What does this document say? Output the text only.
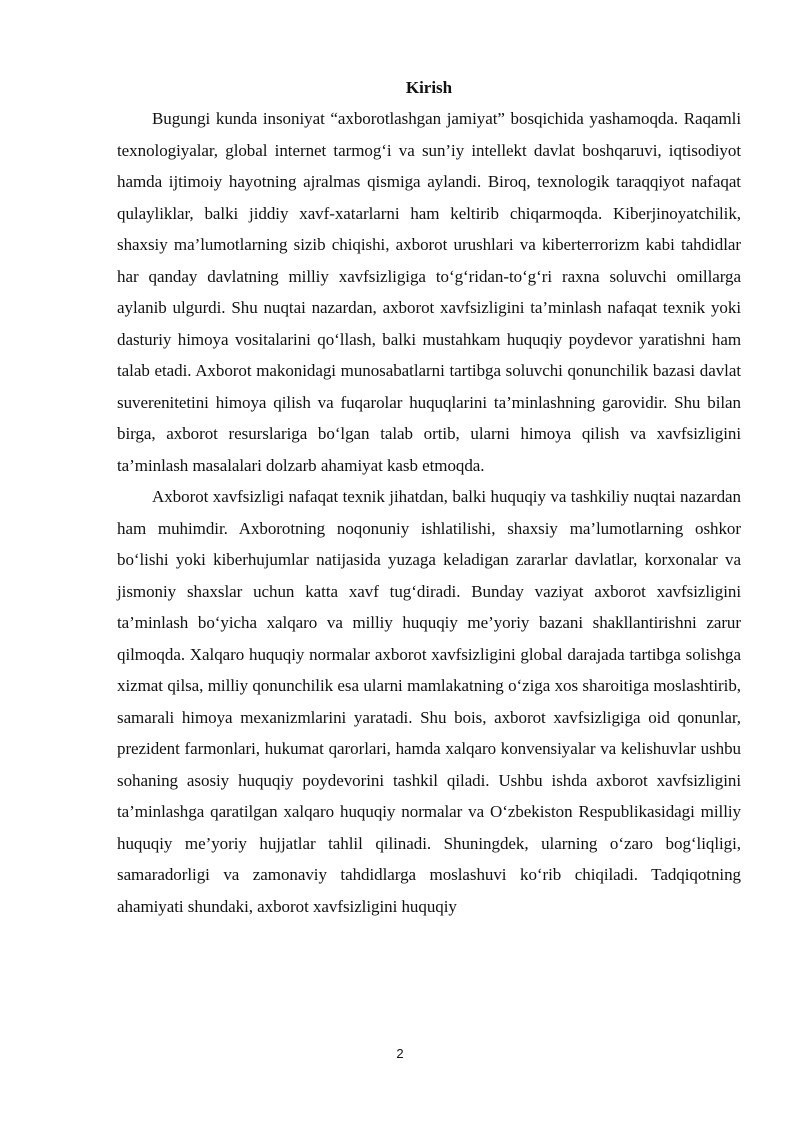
Kirish

Bugungi kunda insoniyat “axborotlashgan jamiyat” bosqichida yashamoqda. Raqamli texnologiyalar, global internet tarmog‘i va sun’iy intellekt davlat boshqaruvi, iqtisodiyot hamda ijtimoiy hayotning ajralmas qismiga aylandi. Biroq, texnologik taraqqiyot nafaqat qulayliklar, balki jiddiy xavf-xatarlarni ham keltirib chiqarmoqda. Kiberjinoyatchilik, shaxsiy ma’lumotlarning sizib chiqishi, axborot urushlari va kiberterrorizm kabi tahdidlar har qanday davlatning milliy xavfsizligiga to‘g‘ridan-to‘g‘ri raxna soluvchi omillarga aylanib ulgurdi. Shu nuqtai nazardan, axborot xavfsizligini ta’minlash nafaqat texnik yoki dasturiy himoya vositalarini qo‘llash, balki mustahkam huquqiy poydevor yaratishni ham talab etadi. Axborot makonidagi munosabatlarni tartibga soluvchi qonunchilik bazasi davlat suverenitetini himoya qilish va fuqarolar huquqlarini ta’minlashning garovidir. Shu bilan birga, axborot resurslariga bo‘lgan talab ortib, ularni himoya qilish va xavfsizligini ta’minlash masalalari dolzarb ahamiyat kasb etmoqda.

Axborot xavfsizligi nafaqat texnik jihatdan, balki huquqiy va tashkiliy nuqtai nazardan ham muhimdir. Axborotning noqonuniy ishlatilishi, shaxsiy ma’lumotlarning oshkor bo‘lishi yoki kiberhujumlar natijasida yuzaga keladigan zararlar davlatlar, korxonalar va jismoniy shaxslar uchun katta xavf tug‘diradi. Bunday vaziyat axborot xavfsizligini ta’minlash bo‘yicha xalqaro va milliy huquqiy me’yoriy bazani shakllantirishni zarur qilmoqda. Xalqaro huquqiy normalar axborot xavfsizligini global darajada tartibga solishga xizmat qilsa, milliy qonunchilik esa ularni mamlakatning o‘ziga xos sharoitiga moslashtirib, samarali himoya mexanizmlarini yaratadi. Shu bois, axborot xavfsizligiga oid qonunlar, prezident farmonlari, hukumat qarorlari, hamda xalqaro konvensiyalar va kelishuvlar ushbu sohaning asosiy huquqiy poydevorini tashkil qiladi. Ushbu ishda axborot xavfsizligini ta’minlashga qaratilgan xalqaro huquqiy normalar va O‘zbekiston Respublikasidagi milliy huquqiy me’yoriy hujjatlar tahlil qilinadi. Shuningdek, ularning o‘zaro bog‘liqligi, samaradorligi va zamonaviy tahdidlarga moslashuvi ko‘rib chiqiladi. Tadqiqotning ahamiyati shundaki, axborot xavfsizligini huquqiy

2
